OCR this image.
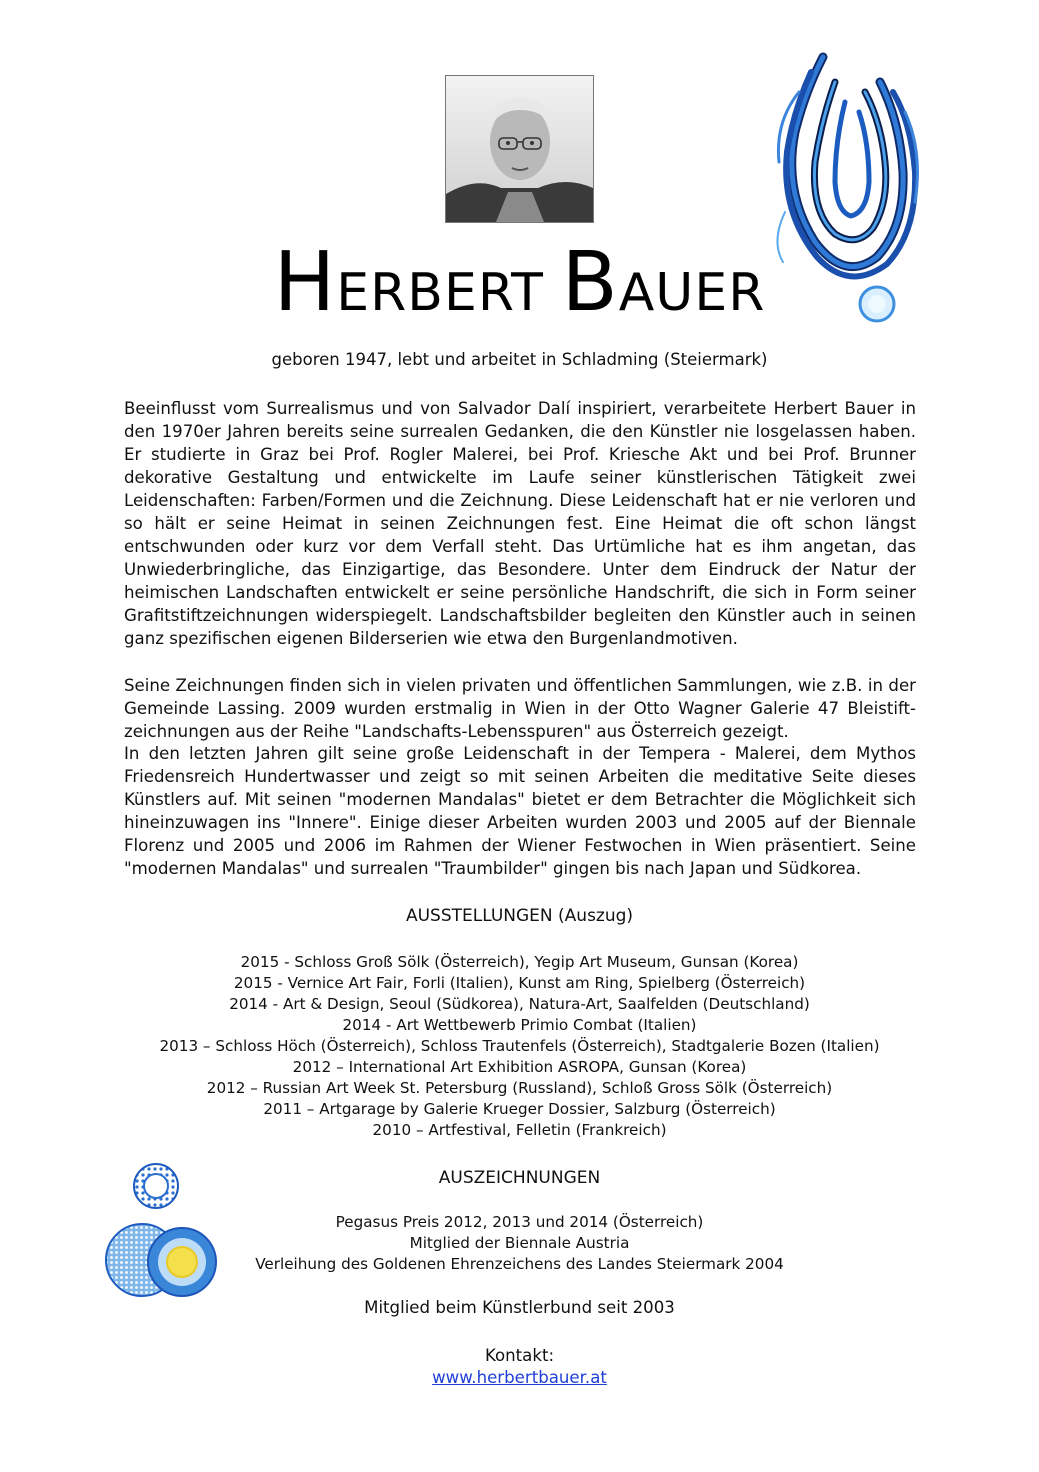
HERBERT BAUER
geboren 1947, lebt und arbeitet in Schladming (Steiermark)

Beeinflusst vom Surrealismus und von Salvador Dalí inspiriert, verarbeitete Herbert Bauer in den 1970er Jahren bereits seine surrealen Gedanken, die den Künstler nie losgelassen haben. Er studierte in Graz bei Prof. Rogler Malerei, bei Prof. Kriesche Akt und bei Prof. Brunner dekorative Gestaltung und entwickelte im Laufe seiner künstlerischen Tätigkeit zwei Leidenschaften: Farben/Formen und die Zeichnung. Diese Leidenschaft hat er nie verloren und so hält er seine Heimat in seinen Zeichnungen fest. Eine Heimat die oft schon längst entschwunden oder kurz vor dem Verfall steht. Das Urtümliche hat es ihm angetan, das Unwiederbringliche, das Einzigartige, das Besondere. Unter dem Eindruck der Natur der heimischen Landschaften entwickelt er seine persönliche Handschrift, die sich in Form seiner Grafitstiftzeichnungen widerspiegelt. Landschaftsbilder begleiten den Künstler auch in seinen ganz spezifischen eigenen Bilderserien wie etwa den Burgenlandmotiven.

Seine Zeichnungen finden sich in vielen privaten und öffentlichen Sammlungen, wie z.B. in der Gemeinde Lassing. 2009 wurden erstmalig in Wien in der Otto Wagner Galerie 47 Bleistift-zeichnungen aus der Reihe "Landschafts-Lebensspuren" aus Österreich gezeigt.

In den letzten Jahren gilt seine große Leidenschaft in der Tempera - Malerei, dem Mythos Friedensreich Hundertwasser und zeigt so mit seinen Arbeiten die meditative Seite dieses Künstlers auf. Mit seinen "modernen Mandalas" bietet er dem Betrachter die Möglichkeit sich hineinzuwagen ins "Innere". Einige dieser Arbeiten wurden 2003 und 2005 auf der Biennale Florenz und 2005 und 2006 im Rahmen der Wiener Festwochen in Wien präsentiert. Seine "modernen Mandalas" und surrealen "Traumbilder" gingen bis nach Japan und Südkorea.

AUSSTELLUNGEN (Auszug)
2015 - Schloss Groß Sölk (Österreich), Yegip Art Museum, Gunsan (Korea)
2015 - Vernice Art Fair, Forli (Italien), Kunst am Ring, Spielberg (Österreich)
2014 - Art & Design, Seoul (Südkorea), Natura-Art, Saalfelden (Deutschland)
2014 - Art Wettbewerb Primio Combat (Italien)
2013 – Schloss Höch (Österreich), Schloss Trautenfels (Österreich), Stadtgalerie Bozen (Italien)
2012 – International Art Exhibition ASROPA, Gunsan (Korea)
2012 – Russian Art Week St. Petersburg (Russland), Schloß Gross Sölk (Österreich)
2011 – Artgarage by Galerie Krueger Dossier, Salzburg (Österreich)
2010 – Artfestival, Felletin (Frankreich)
AUSZEICHNUNGEN
Pegasus Preis 2012, 2013 und 2014 (Österreich)
Mitglied der Biennale Austria
Verleihung des Goldenen Ehrenzeichens des Landes Steiermark 2004
Mitglied beim Künstlerbund seit 2003
Kontakt:
www.herbertbauer.at
